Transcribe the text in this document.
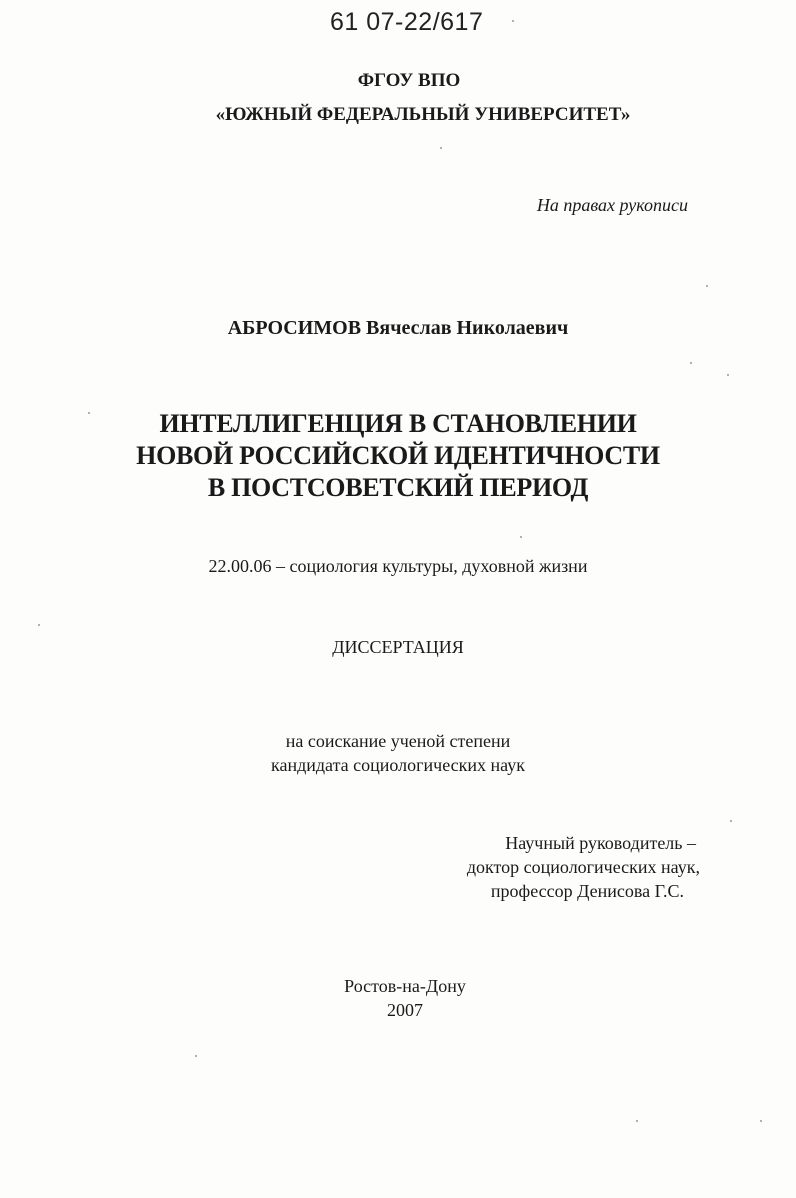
61 07-22/617
ФГОУ ВПО
«ЮЖНЫЙ ФЕДЕРАЛЬНЫЙ УНИВЕРСИТЕТ»
На правах рукописи
АБРОСИМОВ Вячеслав Николаевич
ИНТЕЛЛИГЕНЦИЯ В СТАНОВЛЕНИИ
НОВОЙ РОССИЙСКОЙ ИДЕНТИЧНОСТИ
В ПОСТСОВЕТСКИЙ ПЕРИОД
22.00.06 – социология культуры, духовной жизни
ДИССЕРТАЦИЯ
на соискание ученой степени
кандидата социологических наук
Научный руководитель –
доктор социологических наук,
профессор Денисова Г.С.
Ростов-на-Дону
2007
